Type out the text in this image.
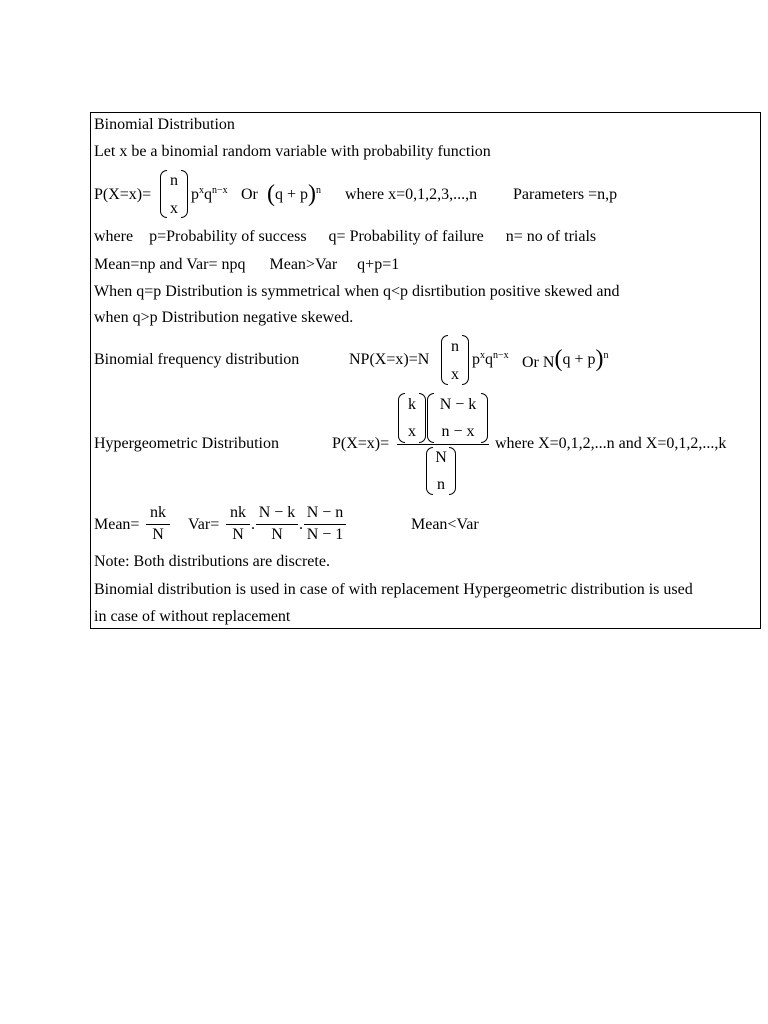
Binomial Distribution
Let x be a binomial random variable with probability function
P(X=x)=
n
x
$p^xq^{n-x}$ Or $(q + p)^n$ where x=0,1,2,3,...,n Parameters =n,p
where p=Probability of success q= Probability of failure n= no of trials
Mean=np and Var= npq Mean>Var q+p=1
When q=p Distribution is symmetrical when q<p disrtibution positive skewed and
when q>p Distribution negative skewed.
Binomial frequency distribution	NP(X=x)=N
n
x
$p^xq^{n-x}$ Or $N(q + p)^n$
Hypergeometric Distribution	P(X=x)=
k
x
N − k
n − x
N
n
where X=0,1,2,...n and X=0,1,2,...,k
Mean=
nk
N
Var=
nk
N
.
N − k
N
.
N − n
N − 1
Mean<Var
Note: Both distributions are discrete.
Binomial distribution is used in case of with replacement Hypergeometric distribution is used
in case of without replacement
